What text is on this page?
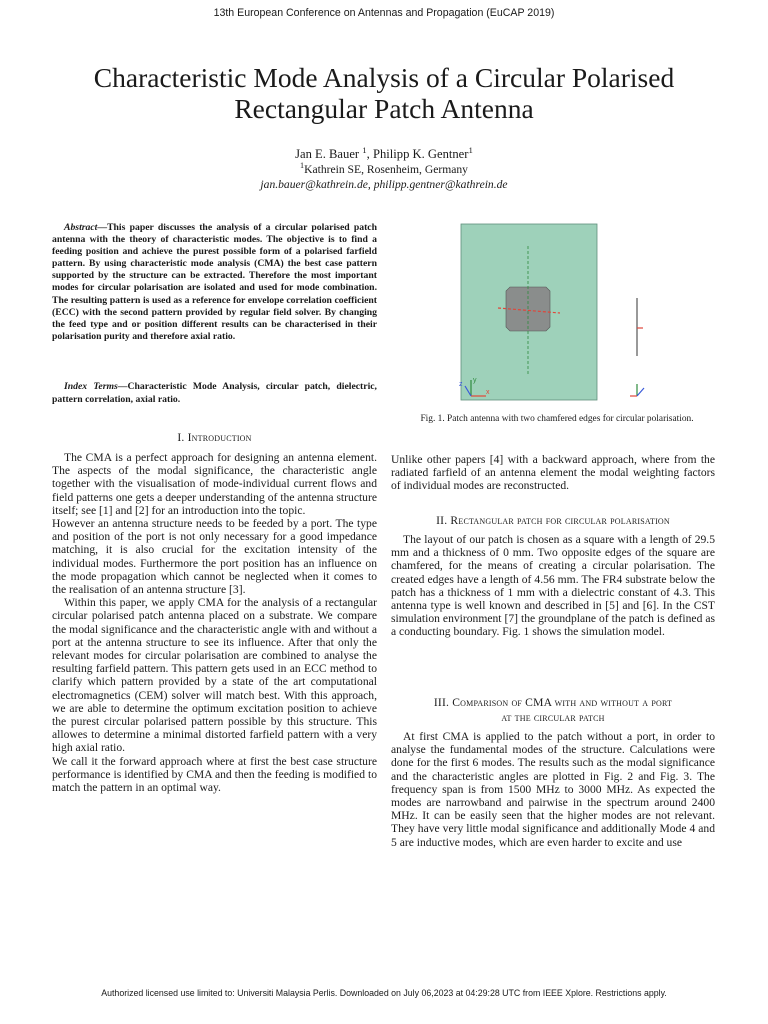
13th European Conference on Antennas and Propagation (EuCAP 2019)
Characteristic Mode Analysis of a Circular Polarised Rectangular Patch Antenna
Jan E. Bauer $^1$, Philipp K. Gentner$^1$
$^1$Kathrein SE, Rosenheim, Germany
jan.bauer@kathrein.de, philipp.gentner@kathrein.de
Abstract—This paper discusses the analysis of a circular polarised patch antenna with the theory of characteristic modes. The objective is to find a feeding position and achieve the purest possible form of a polarised farfield pattern. By using characteristic mode analysis (CMA) the best case pattern supported by the structure can be extracted. Therefore the most important modes for circular polarisation are isolated and used for mode combination. The resulting pattern is used as a reference for envelope correlation coefficient (ECC) with the second pattern provided by regular field solver. By changing the feed type and or position different results can be characterised in their polarisation purity and therefore axial ratio.
Index Terms—Characteristic Mode Analysis, circular patch, dielectric, pattern correlation, axial ratio.
I. Introduction

The CMA is a perfect approach for designing an antenna element. The aspects of the modal significance, the characteristic angle together with the visualisation of mode-individual current flows and field patterns one gets a deeper understanding of the antenna structure itself; see [1] and [2] for an introduction into the topic.

However an antenna structure needs to be feeded by a port. The type and position of the port is not only necessary for a good impedance matching, it is also crucial for the excitation intensity of the individual modes. Furthermore the port position has an influence on the mode propagation which cannot be neglected when it comes to the realisation of an antenna structure [3].

Within this paper, we apply CMA for the analysis of a rectangular circular polarised patch antenna placed on a substrate. We compare the modal significance and the characteristic angle with and without a port at the antenna structure to see its influence. After that only the relevant modes for circular polarisation are combined to analyse the resulting farfield pattern. This pattern gets used in an ECC method to clarify which pattern provided by a state of the art computational electromagnetics (CEM) solver will match best. With this approach, we are able to determine the optimum excitation position to achieve the purest circular polarised pattern possible by this structure. This allowes to determine a minimal distorted farfield pattern with a very high axial ratio.

We call it the forward approach where at first the best case structure performance is identified by CMA and then the feeding is modified to match the pattern in an optimal way.

y
x
z
Fig. 1. Patch antenna with two chamfered edges for circular polarisation.

Unlike other papers [4] with a backward approach, where from the radiated farfield of an antenna element the modal weighting factors of individual modes are reconstructed.

II. Rectangular patch for circular polarisation

The layout of our patch is chosen as a square with a length of 29.5 mm and a thickness of 0 mm. Two opposite edges of the square are chamfered, for the means of creating a circular polarisation. The created edges have a length of 4.56 mm. The FR4 substrate below the patch has a thickness of 1 mm with a dielectric constant of 4.3. This antenna type is well known and described in [5] and [6]. In the CST simulation environment [7] the groundplane of the patch is defined as a conducting boundary. Fig. 1 shows the simulation model.

III. Comparison of CMA with and without a port
at the circular patch

At first CMA is applied to the patch without a port, in order to analyse the fundamental modes of the structure. Calculations were done for the first 6 modes. The results such as the modal significance and the characteristic angles are plotted in Fig. 2 and Fig. 3. The frequency span is from 1500 MHz to 3000 MHz. As expected the modes are narrowband and pairwise in the spectrum around 2400 MHz. It can be easily seen that the higher modes are not relevant. They have very little modal significance and additionally Mode 4 and 5 are inductive modes, which are even harder to excite and use

Authorized licensed use limited to: Universiti Malaysia Perlis. Downloaded on July 06,2023 at 04:29:28 UTC from IEEE Xplore. Restrictions apply.
